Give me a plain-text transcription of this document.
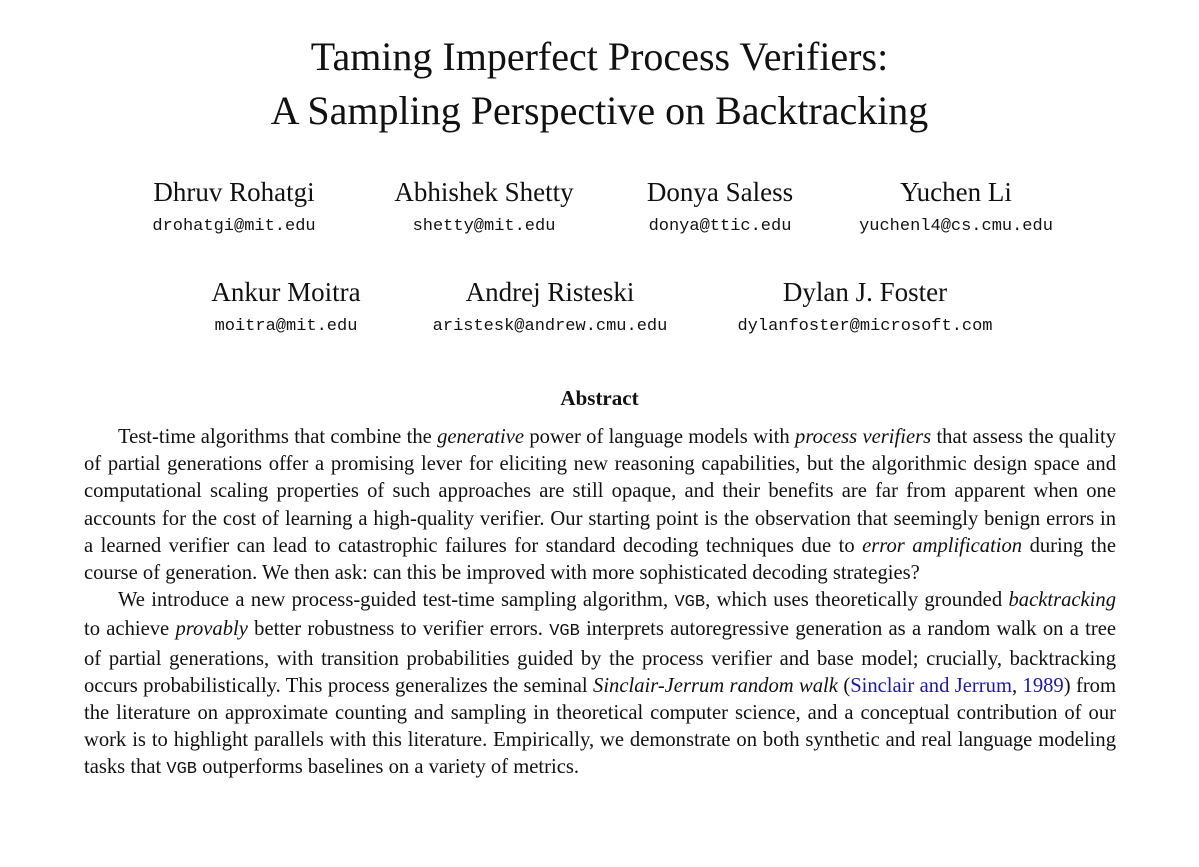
Taming Imperfect Process Verifiers:
A Sampling Perspective on Backtracking
Dhruv Rohatgi
drohatgi@mit.edu
Abhishek Shetty
shetty@mit.edu
Donya Saless
donya@ttic.edu
Yuchen Li
yuchenl4@cs.cmu.edu
Ankur Moitra
moitra@mit.edu
Andrej Risteski
aristesk@andrew.cmu.edu
Dylan J. Foster
dylanfoster@microsoft.com
Abstract

Test-time algorithms that combine the generative power of language models with process verifiers that assess the quality of partial generations offer a promising lever for eliciting new reasoning capabilities, but the algorithmic design space and computational scaling properties of such approaches are still opaque, and their benefits are far from apparent when one accounts for the cost of learning a high-quality verifier. Our starting point is the observation that seemingly benign errors in a learned verifier can lead to catastrophic failures for standard decoding techniques due to error amplification during the course of generation. We then ask: can this be improved with more sophisticated decoding strategies?

We introduce a new process-guided test-time sampling algorithm, VGB, which uses theoretically grounded backtracking to achieve provably better robustness to verifier errors. VGB interprets autoregressive generation as a random walk on a tree of partial generations, with transition probabilities guided by the process verifier and base model; crucially, backtracking occurs probabilistically. This process generalizes the seminal Sinclair-Jerrum random walk (Sinclair and Jerrum, 1989) from the literature on approximate counting and sampling in theoretical computer science, and a conceptual contribution of our work is to highlight parallels with this literature. Empirically, we demonstrate on both synthetic and real language modeling tasks that VGB outperforms baselines on a variety of metrics.
